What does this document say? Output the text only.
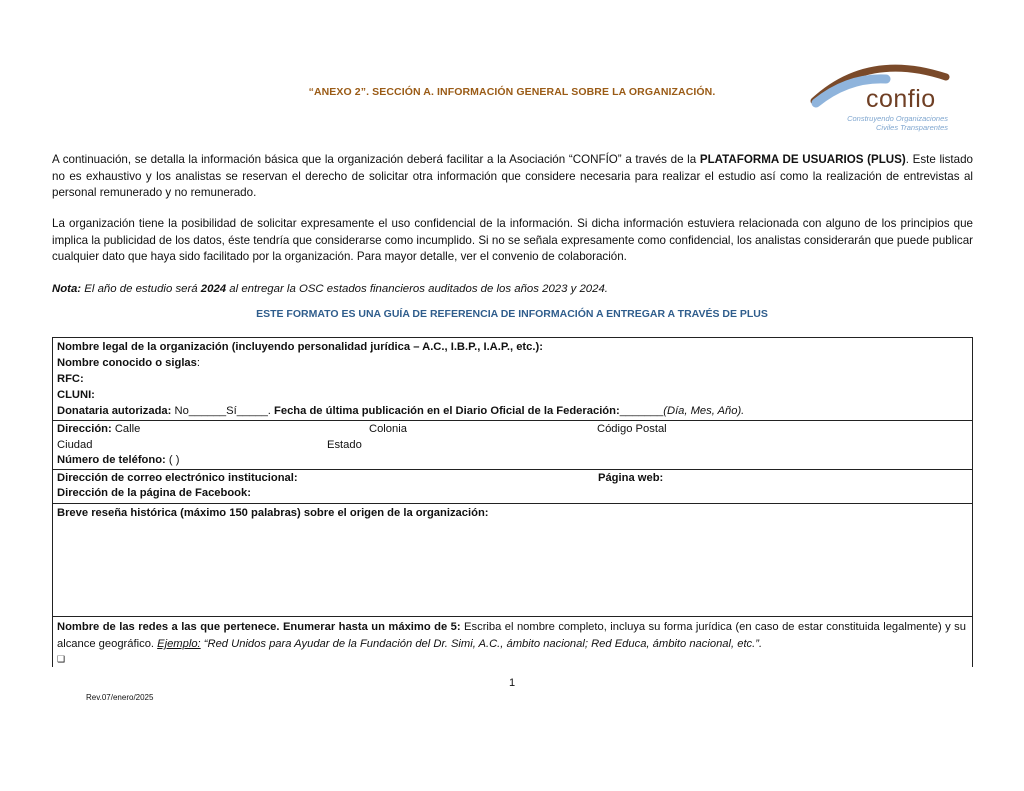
“ANEXO 2”. SECCIÓN A. INFORMACIÓN GENERAL SOBRE LA ORGANIZACIÓN.	confio
Construyendo Organizaciones
Civiles Transparentes
A continuación, se detalla la información básica que la organización deberá facilitar a la Asociación “CONFÍO” a través de la PLATAFORMA DE USUARIOS (PLUS). Este listado no es exhaustivo y los analistas se reservan el derecho de solicitar otra información que considere necesaria para realizar el estudio así como la realización de entrevistas al personal remunerado y no remunerado.
La organización tiene la posibilidad de solicitar expresamente el uso confidencial de la información. Si dicha información estuviera relacionada con alguno de los principios que implica la publicidad de los datos, éste tendría que considerarse como incumplido. Si no se señala expresamente como confidencial, los analistas considerarán que puede publicar cualquier dato que haya sido facilitado por la organización. Para mayor detalle, ver el convenio de colaboración.
Nota: El año de estudio será 2024 al entregar la OSC estados financieros auditados de los años 2023 y 2024.
ESTE FORMATO ES UNA GUÍA DE REFERENCIA DE INFORMACIÓN A ENTREGAR A TRAVÉS DE PLUS
Nombre legal de la organización (incluyendo personalidad jurídica – A.C., I.B.P., I.A.P., etc.):
Nombre conocido o siglas:
RFC:
CLUNI:
Donataria autorizada: No______Sí_____. Fecha de última publicación en el Diario Oficial de la Federación:_______(Día, Mes, Año).
Dirección: Calle	Colonia	Código Postal
Ciudad	Estado
Número de teléfono: ( )
Dirección de correo electrónico institucional:	Página web:
Dirección de la página de Facebook:
Breve reseña histórica (máximo 150 palabras) sobre el origen de la organización:
Nombre de las redes a las que pertenece. Enumerar hasta un máximo de 5: Escriba el nombre completo, incluya su forma jurídica (en caso de estar constituida legalmente) y su alcance geográfico. Ejemplo: “Red Unidos para Ayudar de la Fundación del Dr. Simi, A.C., ámbito nacional; Red Educa, ámbito nacional, etc.”.
❑
1
Rev.07/enero/2025
